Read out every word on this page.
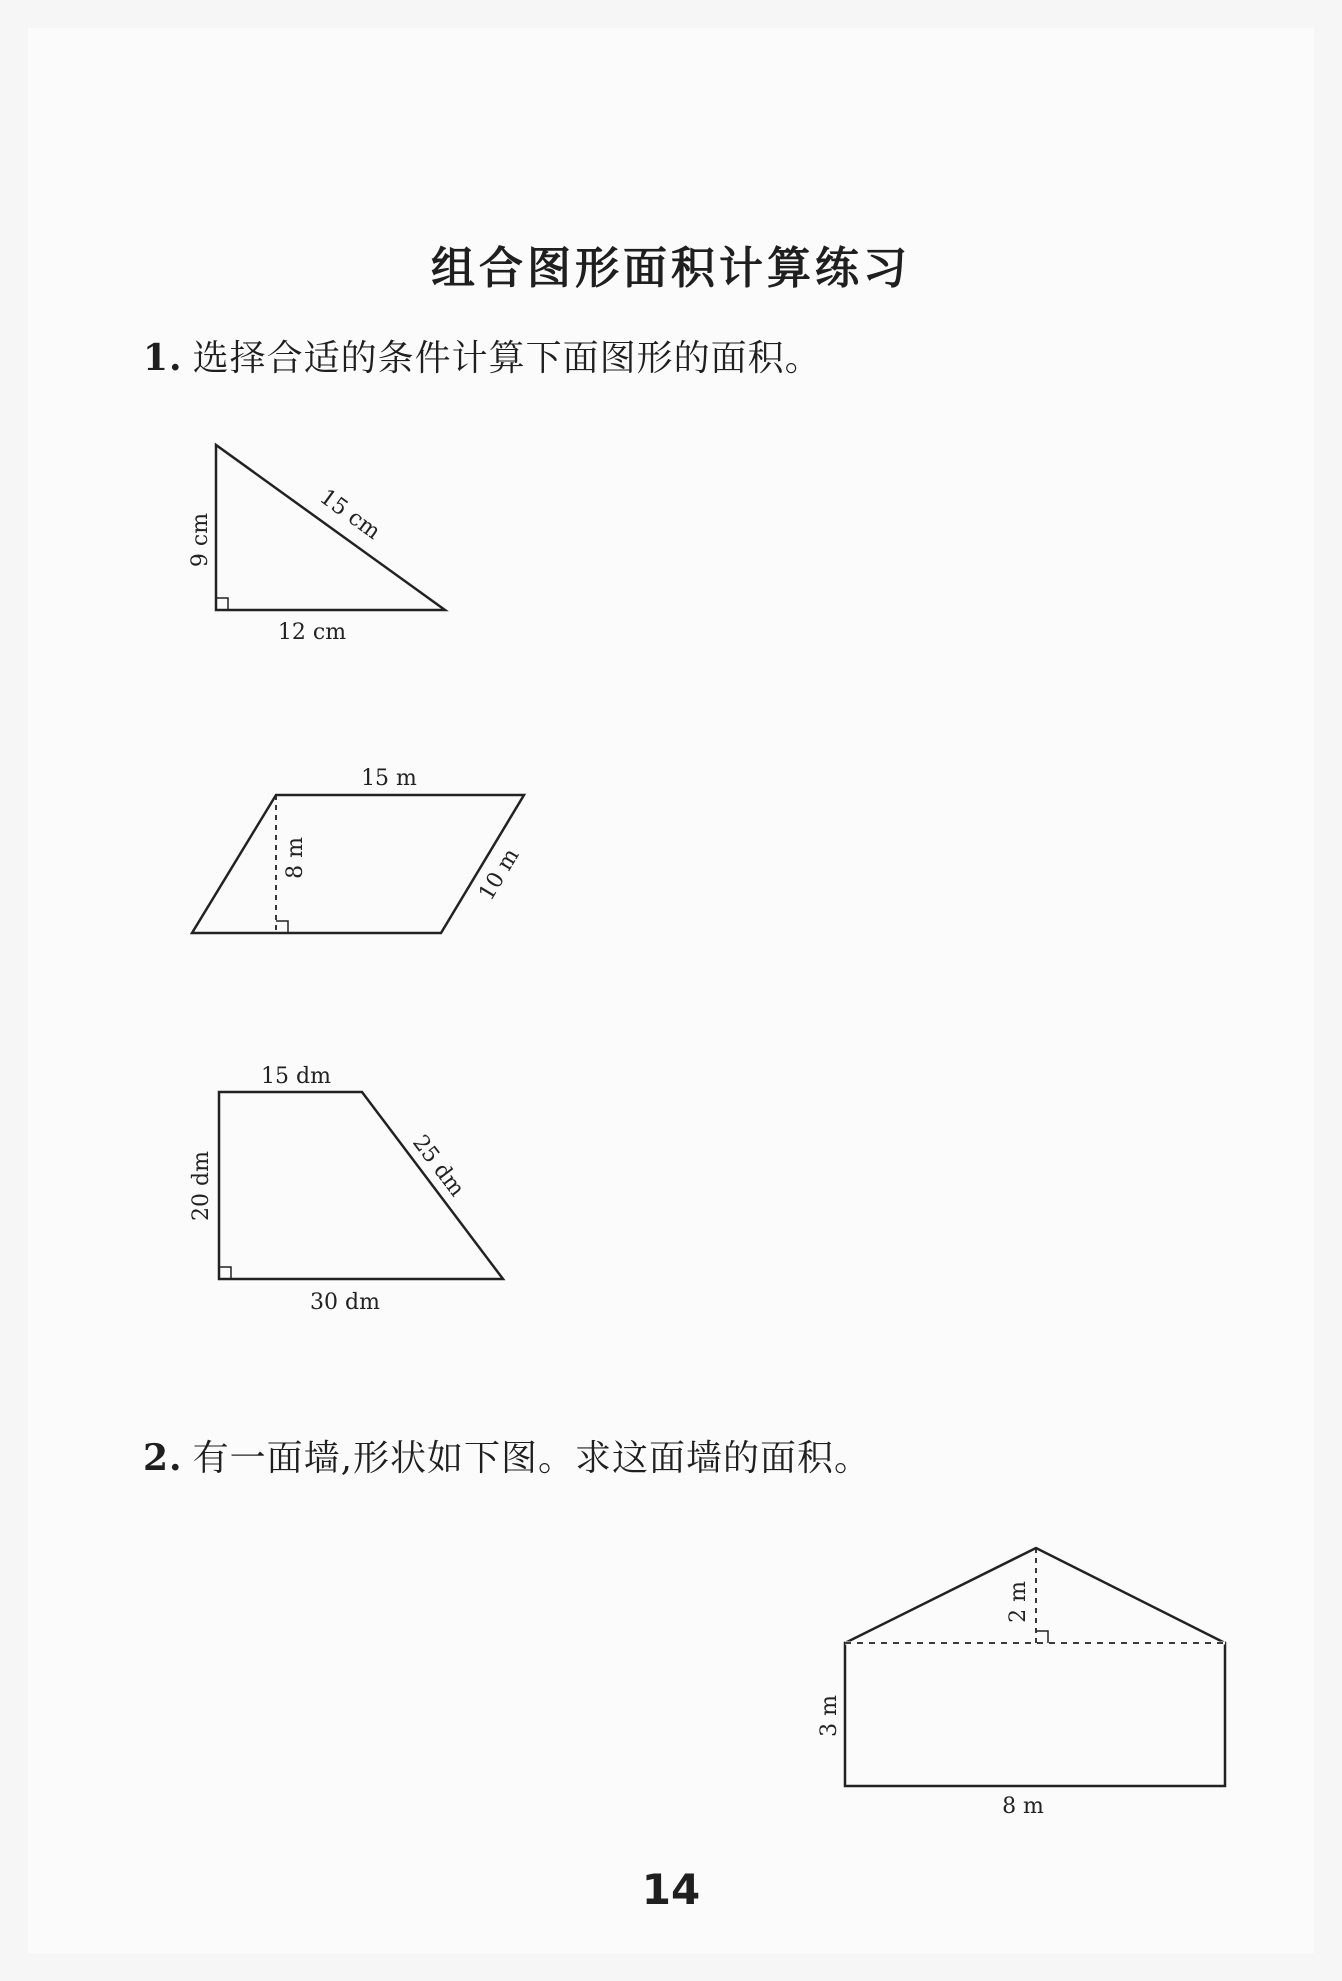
组合图形面积计算练习
1. 选择合适的条件计算下面图形的面积。
2. 有一面墙,形状如下图。求这面墙的面积。
9 cm	15 cm
12 cm
15 m
8 m	10 m
15 dm
20 dm	25 dm
30 dm
2 m
3 m
8 m
14
